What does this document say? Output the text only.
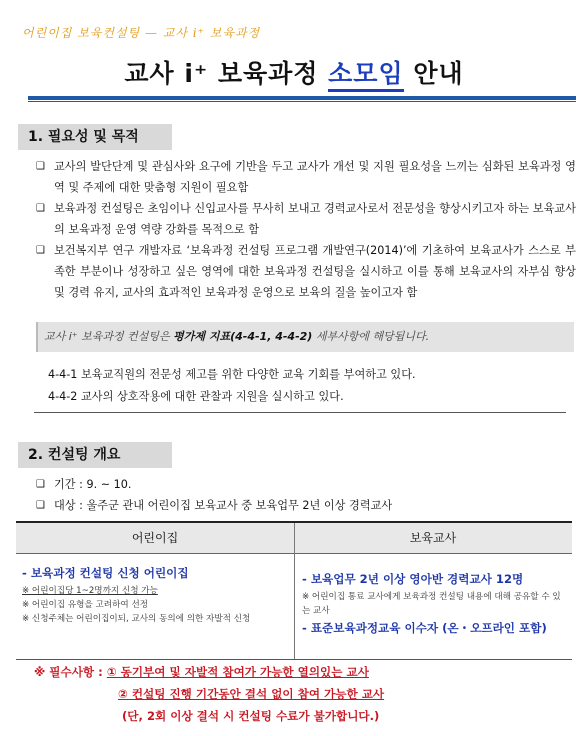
어린이집 보육컨설팅 — 교사 i⁺ 보육과정
교사 i⁺ 보육과정 소모임 안내
1. 필요성 및 목적
❑ 교사의 발단단계 및 관심사와 요구에 기반을 두고 교사가 개선 및 지원 필요성을 느끼는 심화된 보육과정 영역 및 주제에 대한 맞춤형 지원이 필요함
❑ 보육과정 컨설팅은 초임이나 신입교사를 무사히 보내고 경력교사로서 전문성을 향상시키고자 하는 보육교사의 보육과정 운영 역량 강화를 목적으로 함
❑ 보건복지부 연구 개발자료 ‘보육과정 컨설팅 프로그램 개발연구(2014)’에 기초하여 보육교사가 스스로 부족한 부분이나 성장하고 싶은 영역에 대한 보육과정 컨설팅을 실시하고 이를 통해 보육교사의 자부심 향상 및 경력 유지, 교사의 효과적인 보육과정 운영으로 보육의 질을 높이고자 함
교사 i⁺ 보육과정 컨설팅은 평가제 지표(4-4-1, 4-4-2) 세부사항에 해당됩니다.
4-4-1 보육교직원의 전문성 제고를 위한 다양한 교육 기회를 부여하고 있다.
4-4-2 교사의 상호작용에 대한 관찰과 지원을 실시하고 있다.
2. 컨설팅 개요
❑ 기간 : 9. ~ 10.
❑ 대상 : 울주군 관내 어린이집 보육교사 중 보육업무 2년 이상 경력교사
어린이집	보육교사
- 보육과정 컨설팅 신청 어린이집
※ 어린이집당 1~2명까지 신청 가능
※ 어린이집 유형을 고려하여 선정
※ 신청주체는 어린이집이되, 교사의 동의에 의한 자발적 신청
- 보육업무 2년 이상 영아반 경력교사 12명
※ 어린이집 통료 교사에게 보육과정 컨설팅 내용에 대해 공유할 수 있는 교사
- 표준보육과정교육 이수자 (온・오프라인 포함)
※ 필수사항 : ① 동기부여 및 자발적 참여가 가능한 열의있는 교사
② 컨설팅 진행 기간동안 결석 없이 참여 가능한 교사
(단, 2회 이상 결석 시 컨설팅 수료가 불가합니다.)
